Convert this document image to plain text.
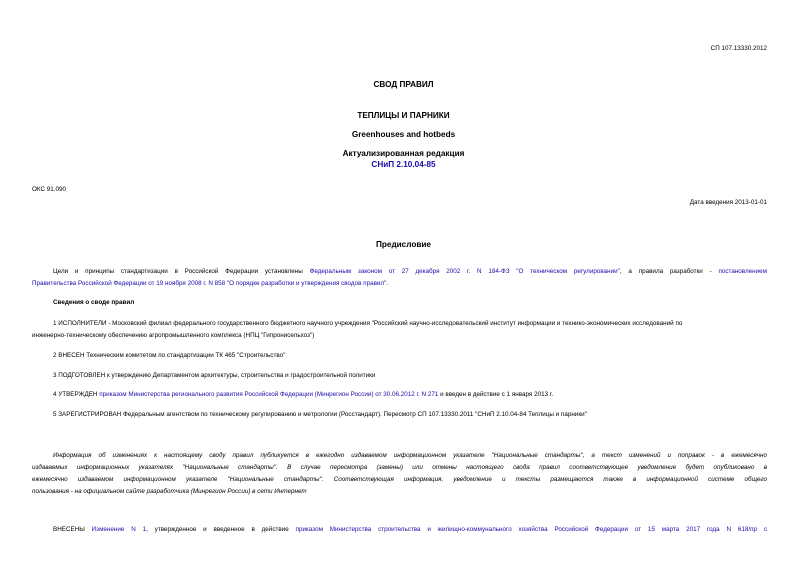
СП 107.13330.2012
СВОД ПРАВИЛ
ТЕПЛИЦЫ И ПАРНИКИ
Greenhouses and hotbeds
Актуализированная редакция
СНиП 2.10.04-85
ОКС 91.090
Дата введения 2013-01-01
Предисловие
Цели и принципы стандартизации в Российской Федерации установлены Федеральным законом от 27 декабря 2002 г. N 184-ФЗ "О техническом регулировании", а правила разработки - постановлением
Правительства Российской Федерации от 19 ноября 2008 г. N 858 "О порядке разработки и утверждения сводов правил".
Сведения о своде правил
1 ИСПОЛНИТЕЛИ - Московский филиал федерального государственного бюджетного научного учреждения "Российский научно-исследовательский институт информации и технико-экономических исследований по
инженерно-техническому обеспечению агропромышленного комплекса (НПЦ "Гипронисельхоз")
2 ВНЕСЕН Техническим комитетом по стандартизации ТК 465 "Строительство"
3 ПОДГОТОВЛЕН к утверждению Департаментом архитектуры, строительства и градостроительной политики
4 УТВЕРЖДЕН приказом Министерства регионального развития Российской Федерации (Минрегион России) от 30.06.2012 г. N 271 и введен в действие с 1 января 2013 г.
5 ЗАРЕГИСТРИРОВАН Федеральным агентством по техническому регулированию и метрологии (Росстандарт). Пересмотр СП 107.13330.2011 "СНиП 2.10.04-84 Теплицы и парники"
Информация об изменениях к настоящему своду правил публикуется в ежегодно издаваемом информационном указателе "Национальные стандарты", а текст изменений и поправок - в ежемесячно
издаваемых информационных указателях "Национальные стандарты". В случае пересмотра (замены) или отмены настоящего свода правил соответствующее уведомление будет опубликовано в
ежемесячно издаваемом информационном указателе "Национальные стандарты". Соответствующая информация, уведомление и тексты размещаются также в информационной системе общего
пользования - на официальном сайте разработчика (Минрегион России) в сети Интернет
ВНЕСЕНЫ Изменение N 1, утвержденное и введенное в действие приказом Министерства строительства и жилищно-коммунального хозяйства Российской Федерации от 15 марта 2017 года N 618/пр с
